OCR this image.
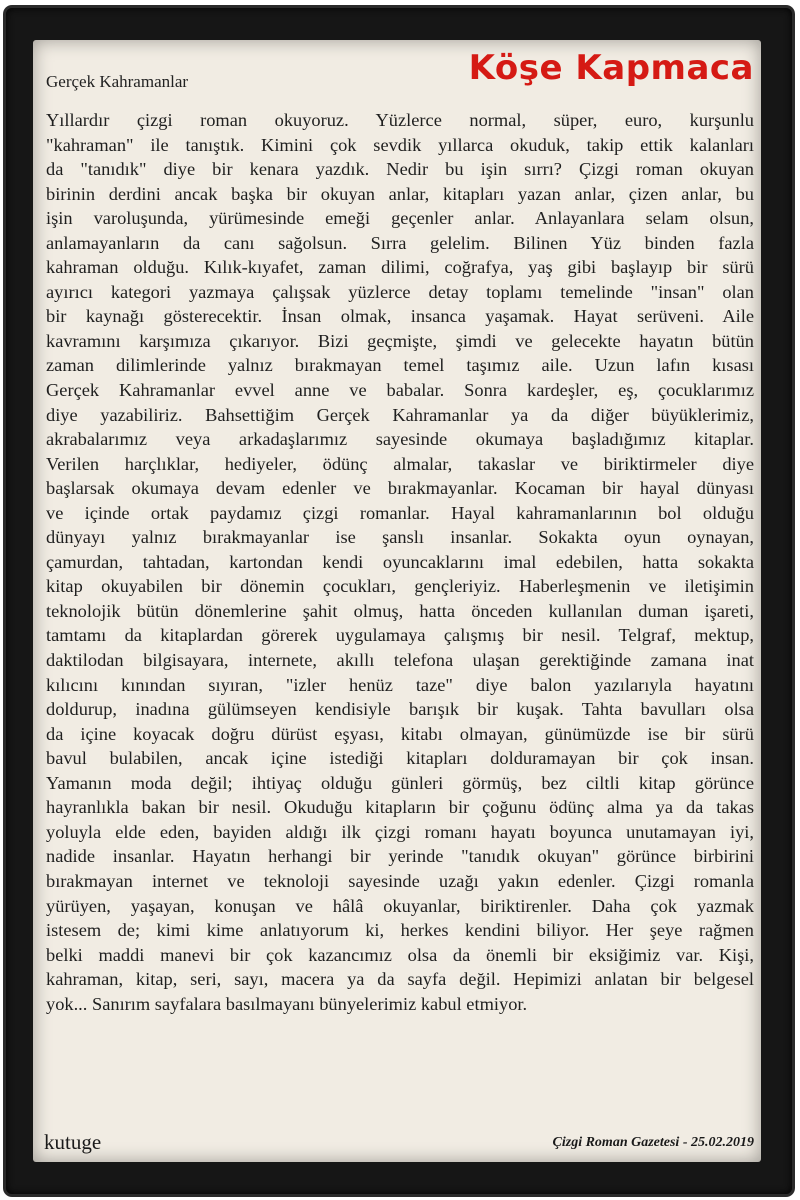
Gerçek Kahramanlar	Köşe Kapmaca
Yıllardır çizgi roman okuyoruz. Yüzlerce normal, süper, euro, kurşunlu
"kahraman" ile tanıştık. Kimini çok sevdik yıllarca okuduk, takip ettik kalanları
da "tanıdık" diye bir kenara yazdık. Nedir bu işin sırrı? Çizgi roman okuyan
birinin derdini ancak başka bir okuyan anlar, kitapları yazan anlar, çizen anlar, bu
işin varoluşunda, yürümesinde emeği geçenler anlar. Anlayanlara selam olsun,
anlamayanların da canı sağolsun. Sırra gelelim. Bilinen Yüz binden fazla
kahraman olduğu. Kılık-kıyafet, zaman dilimi, coğrafya, yaş gibi başlayıp bir sürü
ayırıcı kategori yazmaya çalışsak yüzlerce detay toplamı temelinde "insan" olan
bir kaynağı gösterecektir. İnsan olmak, insanca yaşamak. Hayat serüveni. Aile
kavramını karşımıza çıkarıyor. Bizi geçmişte, şimdi ve gelecekte hayatın bütün
zaman dilimlerinde yalnız bırakmayan temel taşımız aile. Uzun lafın kısası
Gerçek Kahramanlar evvel anne ve babalar. Sonra kardeşler, eş, çocuklarımız
diye yazabiliriz. Bahsettiğim Gerçek Kahramanlar ya da diğer büyüklerimiz,
akrabalarımız veya arkadaşlarımız sayesinde okumaya başladığımız kitaplar.
Verilen harçlıklar, hediyeler, ödünç almalar, takaslar ve biriktirmeler diye
başlarsak okumaya devam edenler ve bırakmayanlar. Kocaman bir hayal dünyası
ve içinde ortak paydamız çizgi romanlar. Hayal kahramanlarının bol olduğu
dünyayı yalnız bırakmayanlar ise şanslı insanlar. Sokakta oyun oynayan,
çamurdan, tahtadan, kartondan kendi oyuncaklarını imal edebilen, hatta sokakta
kitap okuyabilen bir dönemin çocukları, gençleriyiz. Haberleşmenin ve iletişimin
teknolojik bütün dönemlerine şahit olmuş, hatta önceden kullanılan duman işareti,
tamtamı da kitaplardan görerek uygulamaya çalışmış bir nesil. Telgraf, mektup,
daktilodan bilgisayara, internete, akıllı telefona ulaşan gerektiğinde zamana inat
kılıcını kınından sıyıran, "izler henüz taze" diye balon yazılarıyla hayatını
doldurup, inadına gülümseyen kendisiyle barışık bir kuşak. Tahta bavulları olsa
da içine koyacak doğru dürüst eşyası, kitabı olmayan, günümüzde ise bir sürü
bavul bulabilen, ancak içine istediği kitapları dolduramayan bir çok insan.
Yamanın moda değil; ihtiyaç olduğu günleri görmüş, bez ciltli kitap görünce
hayranlıkla bakan bir nesil. Okuduğu kitapların bir çoğunu ödünç alma ya da takas
yoluyla elde eden, bayiden aldığı ilk çizgi romanı hayatı boyunca unutamayan iyi,
nadide insanlar. Hayatın herhangi bir yerinde "tanıdık okuyan" görünce birbirini
bırakmayan internet ve teknoloji sayesinde uzağı yakın edenler. Çizgi romanla
yürüyen, yaşayan, konuşan ve hâlâ okuyanlar, biriktirenler. Daha çok yazmak
istesem de; kimi kime anlatıyorum ki, herkes kendini biliyor. Her şeye rağmen
belki maddi manevi bir çok kazancımız olsa da önemli bir eksiğimiz var. Kişi,
kahraman, kitap, seri, sayı, macera ya da sayfa değil. Hepimizi anlatan bir belgesel
yok... Sanırım sayfalara basılmayanı bünyelerimiz kabul etmiyor.
kutuge	Çizgi Roman Gazetesi - 25.02.2019
